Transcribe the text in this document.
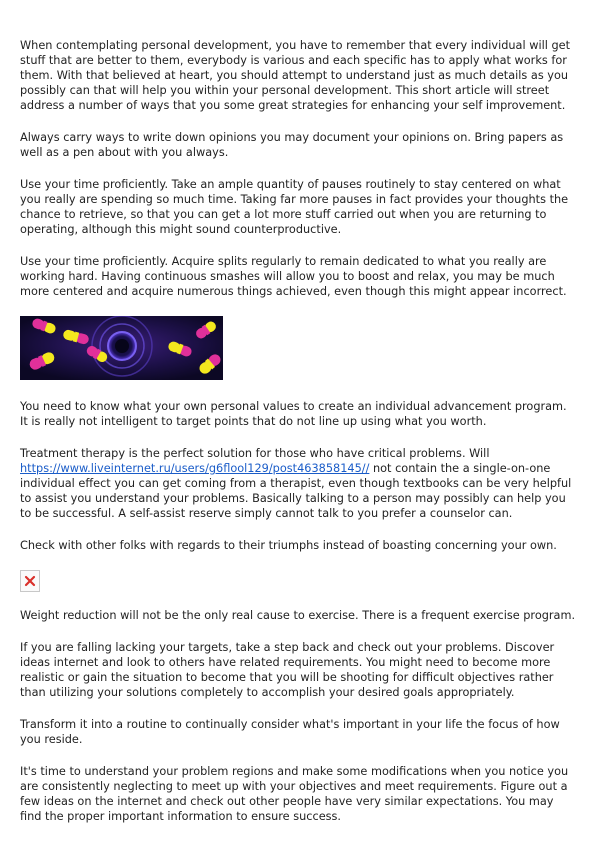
When contemplating personal development, you have to remember that every individual will get stuff that are better to them, everybody is various and each specific has to apply what works for them. With that believed at heart, you should attempt to understand just as much details as you possibly can that will help you within your personal development. This short article will street address a number of ways that you some great strategies for enhancing your self improvement.

Always carry ways to write down opinions you may document your opinions on. Bring papers as well as a pen about with you always.

Use your time proficiently. Take an ample quantity of pauses routinely to stay centered on what you really are spending so much time. Taking far more pauses in fact provides your thoughts the chance to retrieve, so that you can get a lot more stuff carried out when you are returning to operating, although this might sound counterproductive.

Use your time proficiently. Acquire splits regularly to remain dedicated to what you really are working hard. Having continuous smashes will allow you to boost and relax, you may be much more centered and acquire numerous things achieved, even though this might appear incorrect.

You need to know what your own personal values to create an individual advancement program. It is really not intelligent to target points that do not line up using what you worth.

Treatment therapy is the perfect solution for those who have critical problems. Will https://www.liveinternet.ru/users/g6flool129/post463858145// not contain the a single-on-one individual effect you can get coming from a therapist, even though textbooks can be very helpful to assist you understand your problems. Basically talking to a person may possibly can help you to be successful. A self-assist reserve simply cannot talk to you prefer a counselor can.

Check with other folks with regards to their triumphs instead of boasting concerning your own.

Weight reduction will not be the only real cause to exercise. There is a frequent exercise program.

If you are falling lacking your targets, take a step back and check out your problems. Discover ideas internet and look to others have related requirements. You might need to become more realistic or gain the situation to become that you will be shooting for difficult objectives rather than utilizing your solutions completely to accomplish your desired goals appropriately.

Transform it into a routine to continually consider what's important in your life the focus of how you reside.

It's time to understand your problem regions and make some modifications when you notice you are consistently neglecting to meet up with your objectives and meet requirements. Figure out a few ideas on the internet and check out other people have very similar expectations. You may find the proper important information to ensure success.
